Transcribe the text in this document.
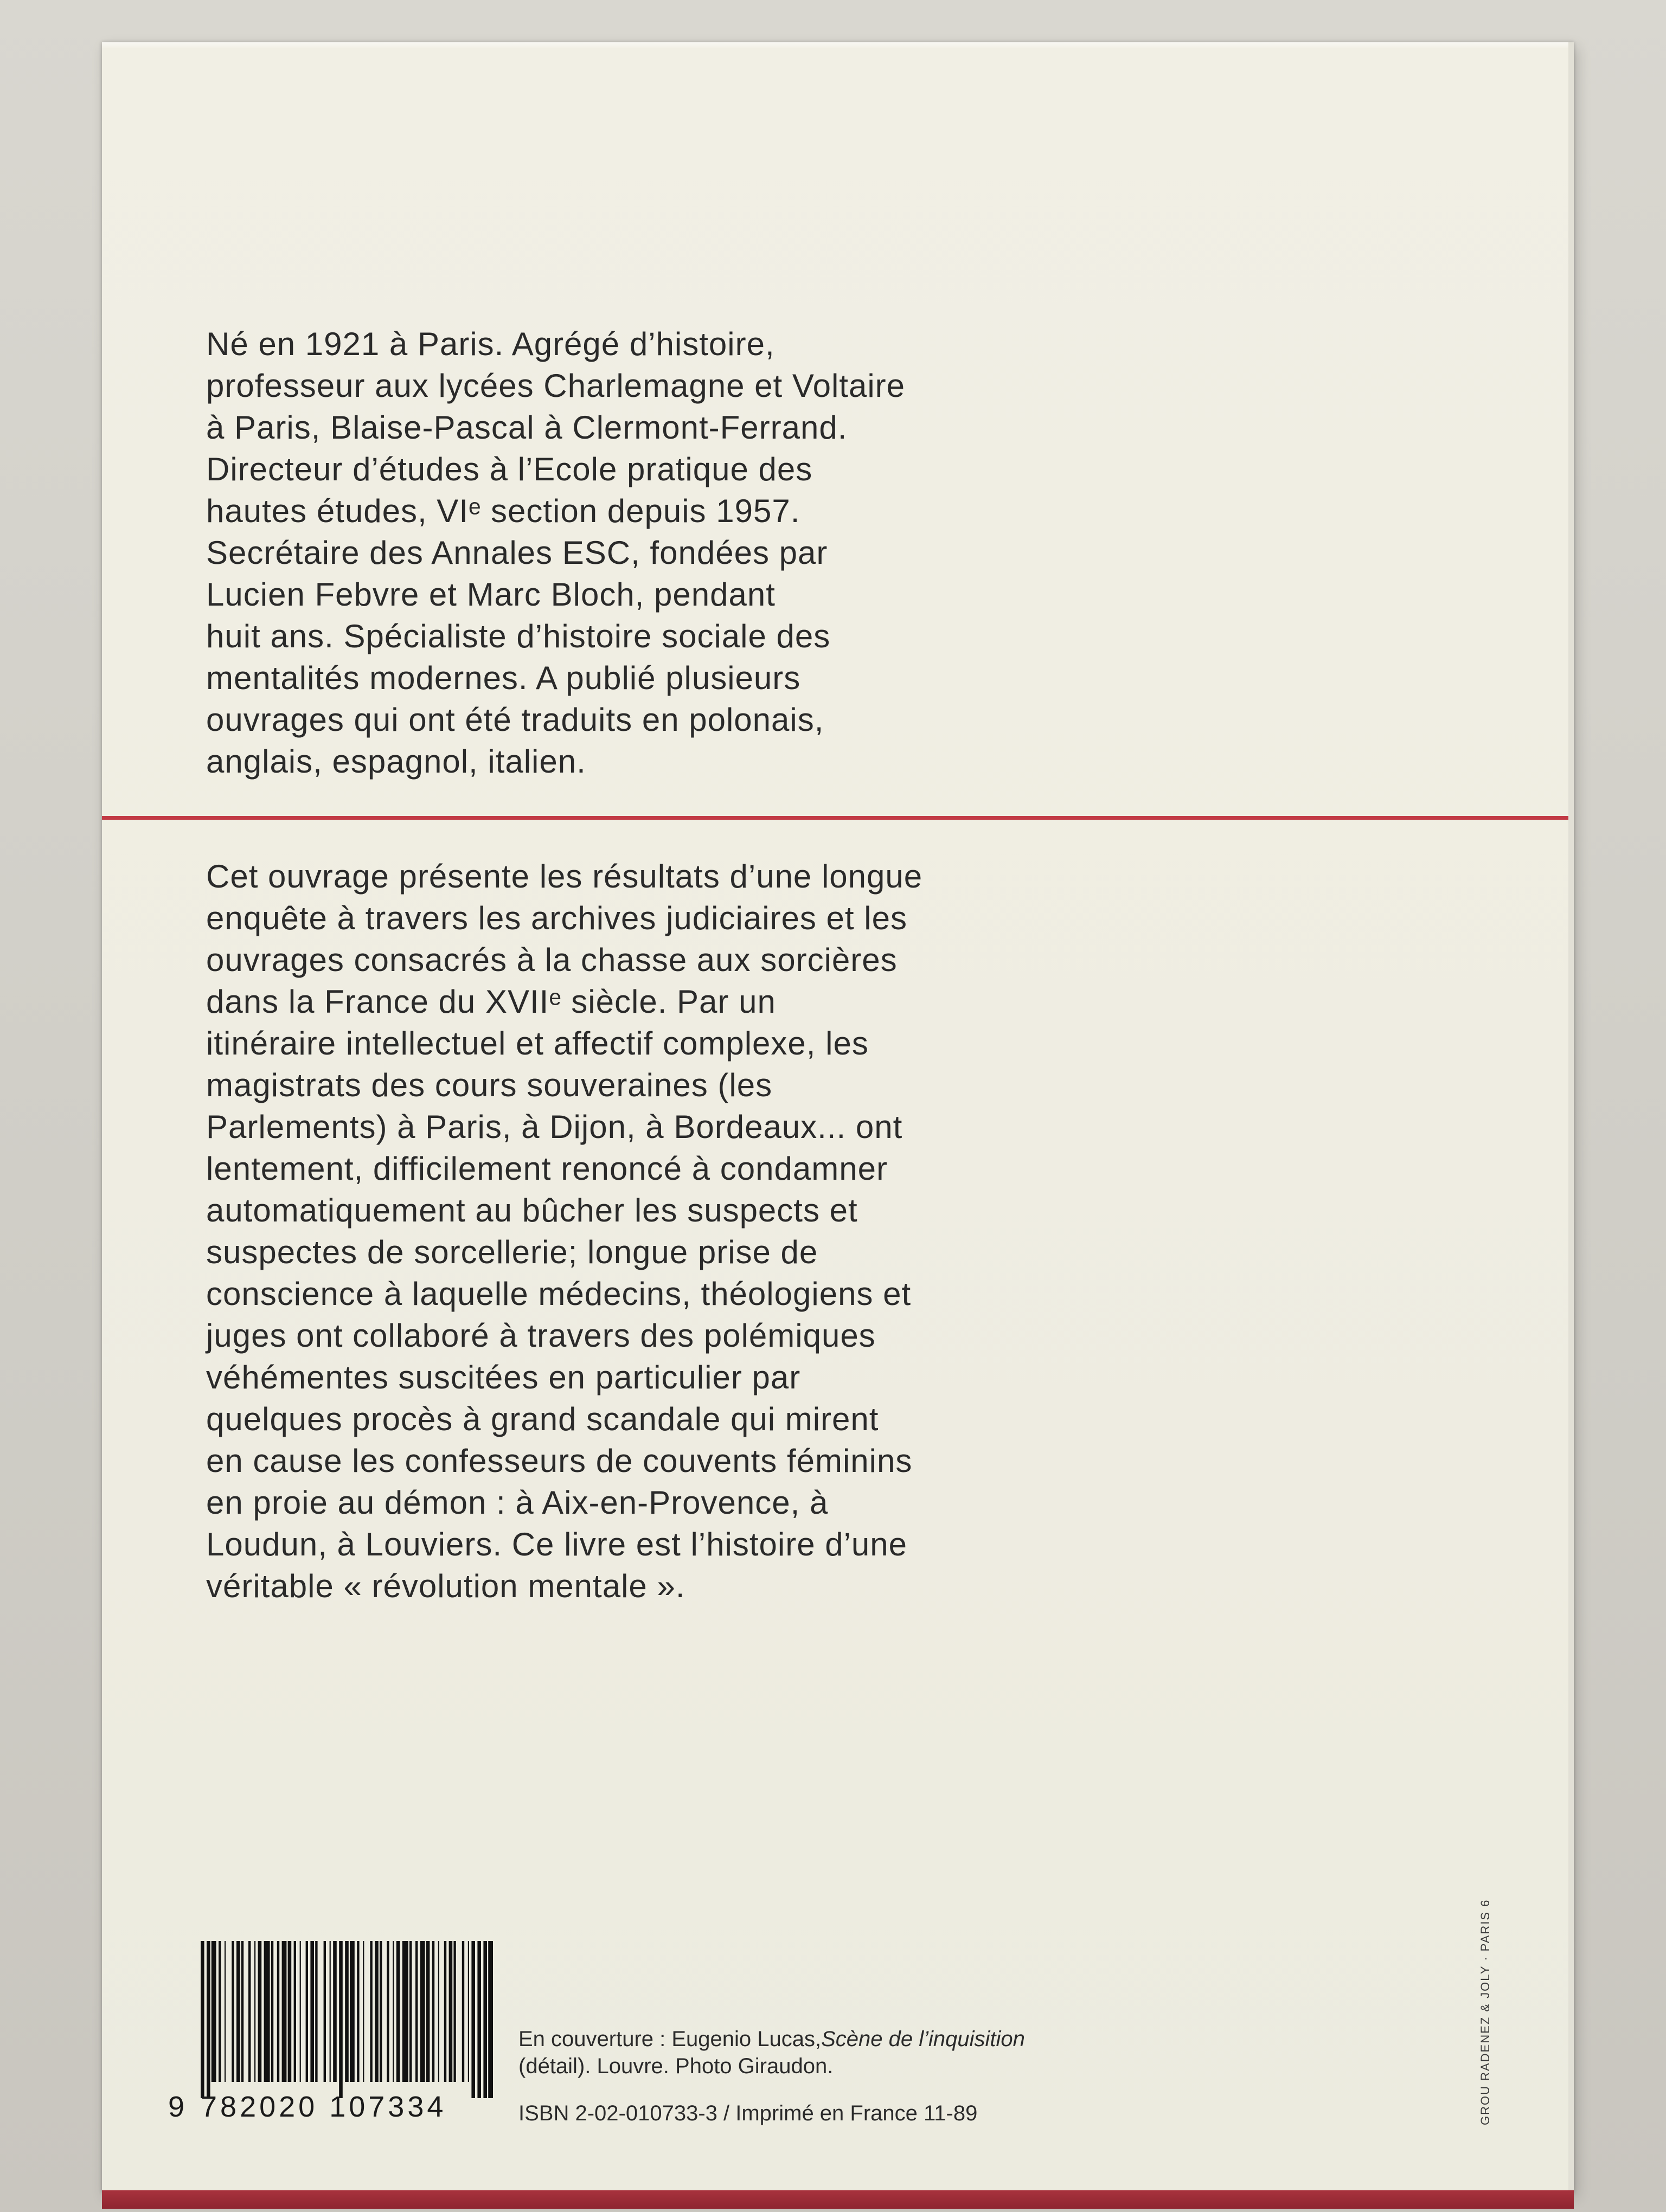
Né en 1921 à Paris. Agrégé d’histoire,
professeur aux lycées Charlemagne et Voltaire
à Paris, Blaise-Pascal à Clermont-Ferrand.
Directeur d’études à l’Ecole pratique des
hautes études, VIᵉ section depuis 1957.
Secrétaire des Annales ESC, fondées par
Lucien Febvre et Marc Bloch, pendant
huit ans. Spécialiste d’histoire sociale des
mentalités modernes. A publié plusieurs
ouvrages qui ont été traduits en polonais,
anglais, espagnol, italien.

Cet ouvrage présente les résultats d’une longue
enquête à travers les archives judiciaires et les
ouvrages consacrés à la chasse aux sorcières
dans la France du XVIIᵉ siècle. Par un
itinéraire intellectuel et affectif complexe, les
magistrats des cours souveraines (les
Parlements) à Paris, à Dijon, à Bordeaux... ont
lentement, difficilement renoncé à condamner
automatiquement au bûcher les suspects et
suspectes de sorcellerie; longue prise de
conscience à laquelle médecins, théologiens et
juges ont collaboré à travers des polémiques
véhémentes suscitées en particulier par
quelques procès à grand scandale qui mirent
en cause les confesseurs de couvents féminins
en proie au démon : à Aix-en-Provence, à
Loudun, à Louviers. Ce livre est l’histoire d’une
véritable « révolution mentale ».

9 782020 107334
En couverture : Eugenio Lucas,Scène de l’inquisition
(détail). Louvre. Photo Giraudon.
ISBN 2-02-010733-3 / Imprimé en France 11-89	GROU RADENEZ & JOLY · PARIS 6
